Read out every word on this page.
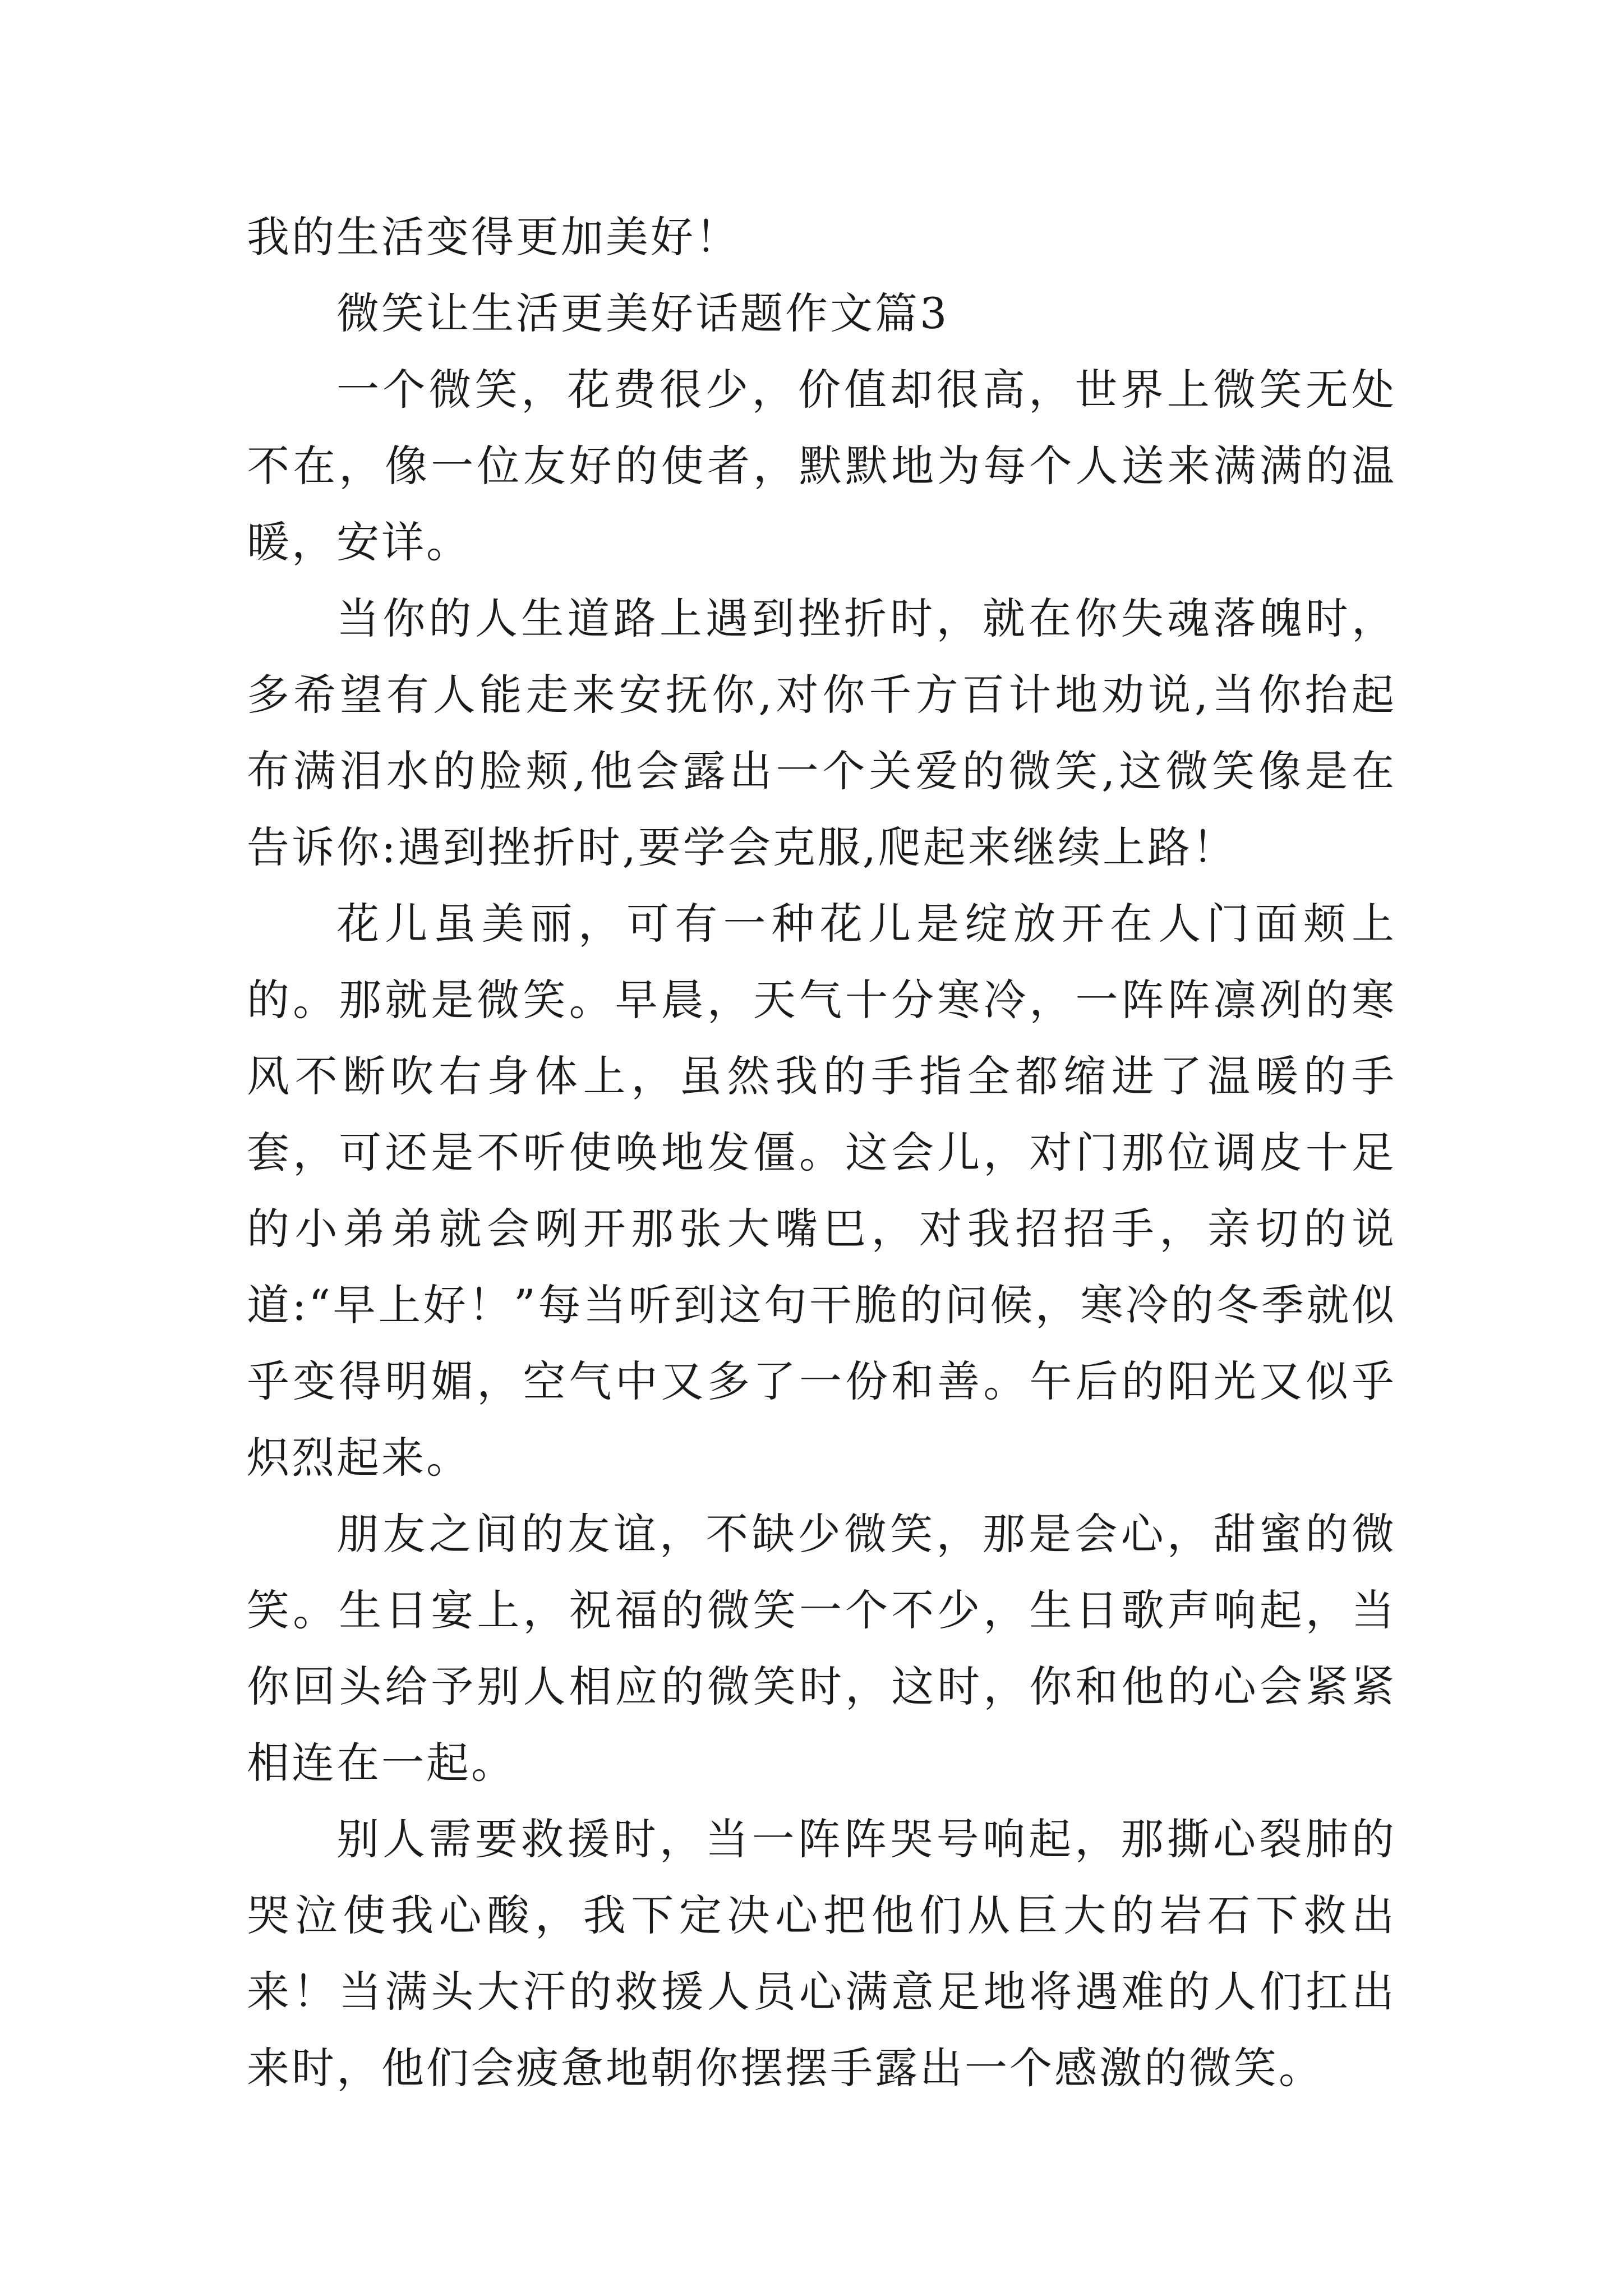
我的生活变得更加美好！

微笑让生活更美好话题作文篇3

一个微笑，花费很少，价值却很高，世界上微笑无处不在，像一位友好的使者，默默地为每个人送来满满的温暖，安详。

当你的人生道路上遇到挫折时，就在你失魂落魄时，多希望有人能走来安抚你,对你千方百计地劝说,当你抬起布满泪水的脸颊,他会露出一个关爱的微笑,这微笑像是在告诉你:遇到挫折时,要学会克服,爬起来继续上路！

花儿虽美丽，可有一种花儿是绽放开在人门面颊上的。那就是微笑。早晨，天气十分寒冷，一阵阵凛冽的寒风不断吹右身体上，虽然我的手指全都缩进了温暖的手套，可还是不听使唤地发僵。这会儿，对门那位调皮十足的小弟弟就会咧开那张大嘴巴，对我招招手，亲切的说道:“早上好！”每当听到这句干脆的问候，寒冷的冬季就似乎变得明媚，空气中又多了一份和善。午后的阳光又似乎炽烈起来。

朋友之间的友谊，不缺少微笑，那是会心，甜蜜的微笑。生日宴上，祝福的微笑一个不少，生日歌声响起，当你回头给予别人相应的微笑时，这时，你和他的心会紧紧相连在一起。

别人需要救援时，当一阵阵哭号响起，那撕心裂肺的哭泣使我心酸，我下定决心把他们从巨大的岩石下救出来！当满头大汗的救援人员心满意足地将遇难的人们扛出来时，他们会疲惫地朝你摆摆手露出一个感激的微笑。
